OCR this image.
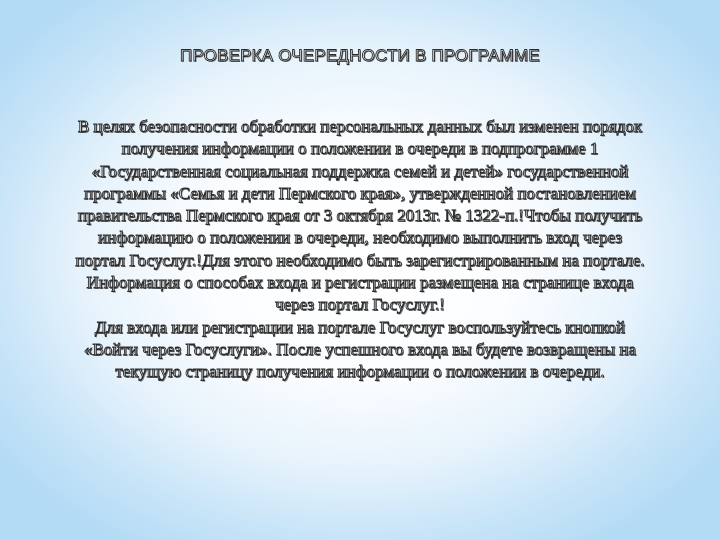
ПРОВЕРКА ОЧЕРЕДНОСТИ В ПРОГРАММЕ
В целях безопасности обработки персональных данных был изменен порядок
получения информации о положении в очереди в подпрограмме 1
«Государственная социальная поддержка семей и детей» государственной
программы «Семья и дети Пермского края», утвержденной постановлением
правительства Пермского края от 3 октября 2013г. № 1322-п.!Чтобы получить
информацию о положении в очереди, необходимо выполнить вход через
портал Госуслуг.!Для этого необходимо быть зарегистрированным на портале.
Информация о способах входа и регистрации размещена на странице входа
через портал Госуслуг.!
Для входа или регистрации на портале Госуслуг воспользуйтесь кнопкой
«Войти через Госуслуги». После успешного входа вы будете возвращены на
текущую страницу получения информации о положении в очереди.
